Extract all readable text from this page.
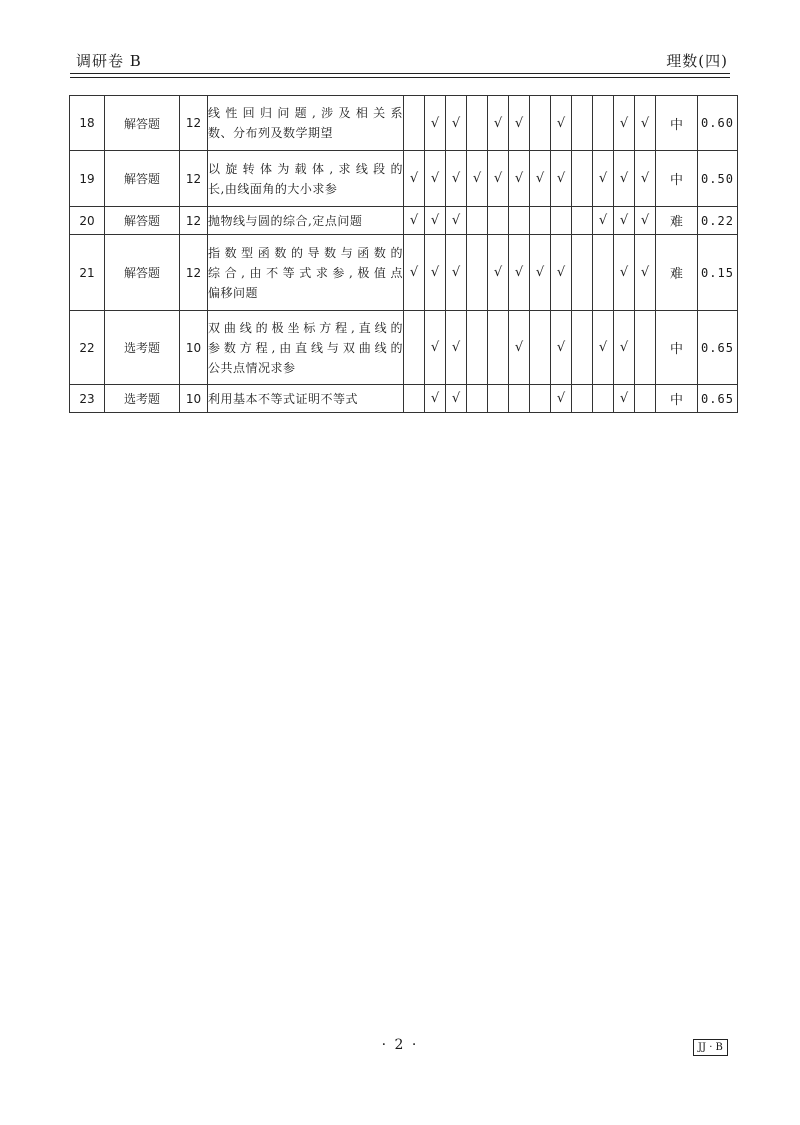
调研卷 B	理数(四)
18	解答题	12	线性回归问题,涉及相关系
数、分布列及数学期望		√	√		√	√		√			√	√	中	0.60
19	解答题	12	以旋转体为载体,求线段的
长,由线面角的大小求参	√	√	√	√	√	√	√	√		√	√	√	中	0.50
20	解答题	12	抛物线与圆的综合,定点问题	√	√	√							√	√	√	难	0.22
21	解答题	12	指数型函数的导数与函数的
综合,由不等式求参,极值点
偏移问题	√	√	√		√	√	√	√			√	√	难	0.15
22	选考题	10	双曲线的极坐标方程,直线的
参数方程,由直线与双曲线的
公共点情况求参		√	√			√		√		√	√		中	0.65
23	选考题	10	利用基本不等式证明不等式		√	√					√			√		中	0.65
· 2 ·	JJ · B
